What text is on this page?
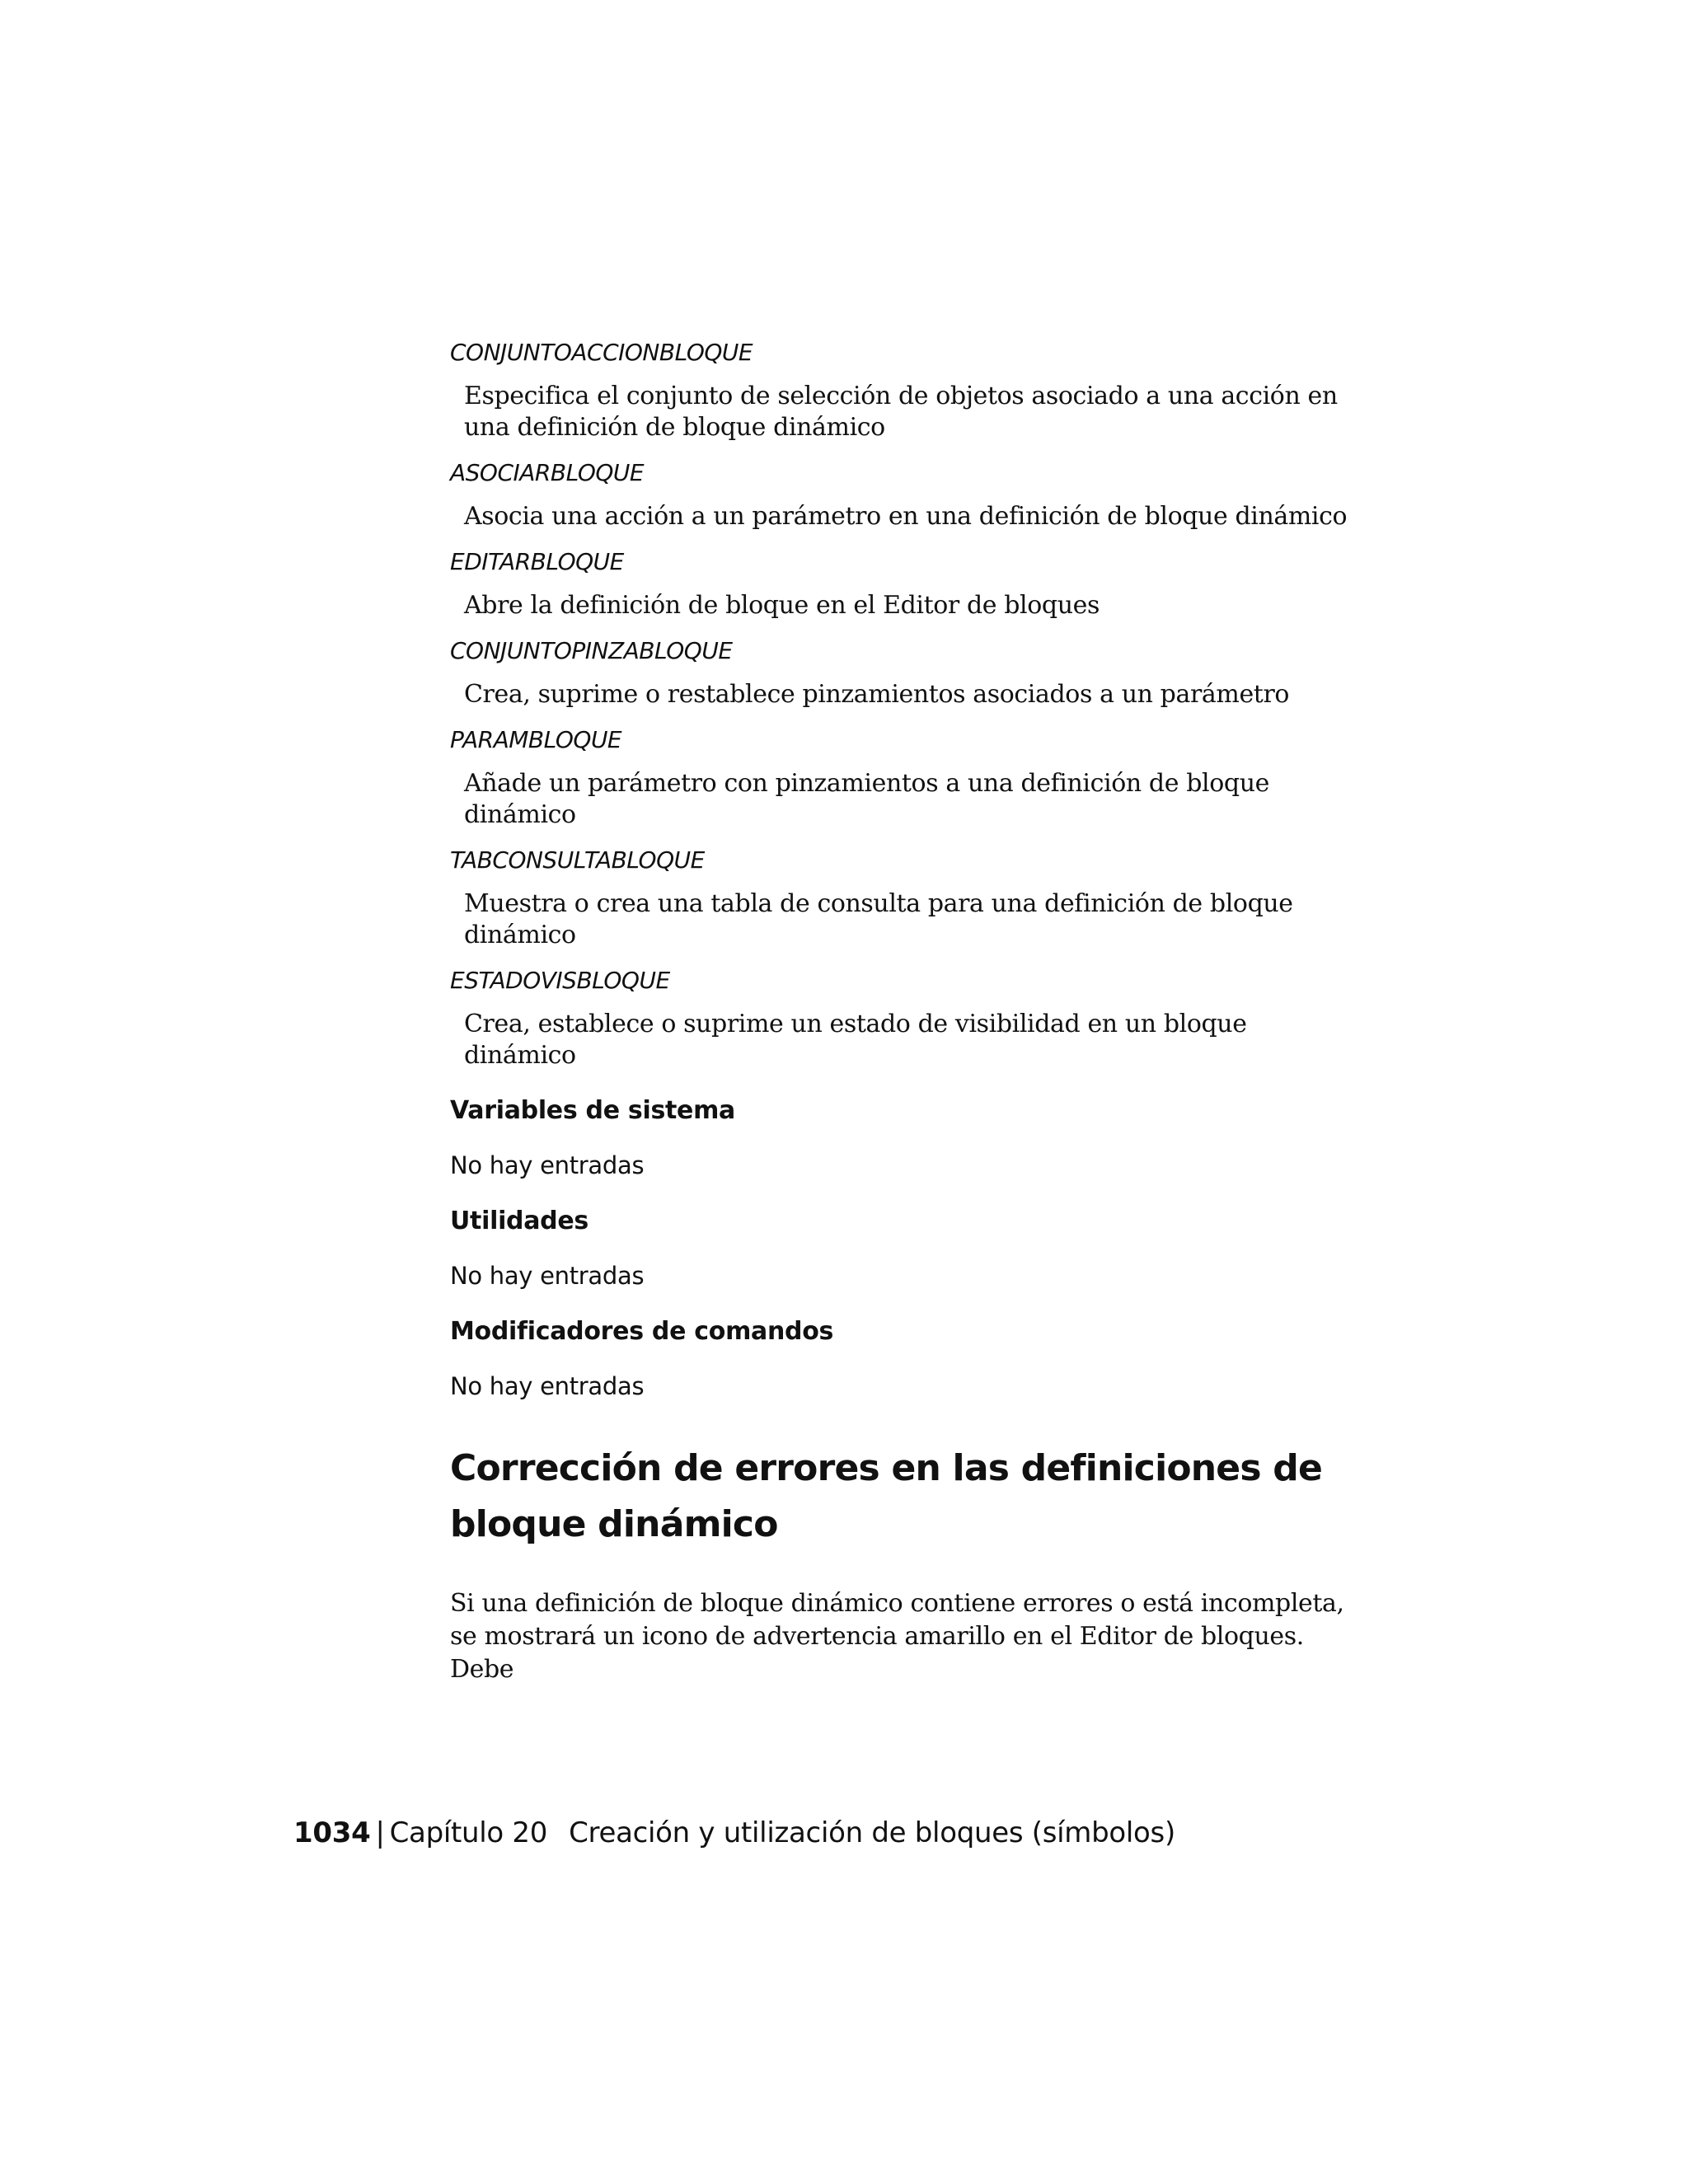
CONJUNTOACCIONBLOQUE

Especifica el conjunto de selección de objetos asociado a una acción en una definición de bloque dinámico

ASOCIARBLOQUE

Asocia una acción a un parámetro en una definición de bloque dinámico

EDITARBLOQUE

Abre la definición de bloque en el Editor de bloques

CONJUNTOPINZABLOQUE

Crea, suprime o restablece pinzamientos asociados a un parámetro

PARAMBLOQUE

Añade un parámetro con pinzamientos a una definición de bloque dinámico

TABCONSULTABLOQUE

Muestra o crea una tabla de consulta para una definición de bloque dinámico

ESTADOVISBLOQUE

Crea, establece o suprime un estado de visibilidad en un bloque dinámico

Variables de sistema

No hay entradas

Utilidades

No hay entradas

Modificadores de comandos

No hay entradas

Corrección de errores en las definiciones de bloque dinámico

Si una definición de bloque dinámico contiene errores o está incompleta, se mostrará un icono de advertencia amarillo en el Editor de bloques. Debe

1034 | Capítulo 20 Creación y utilización de bloques (símbolos)
